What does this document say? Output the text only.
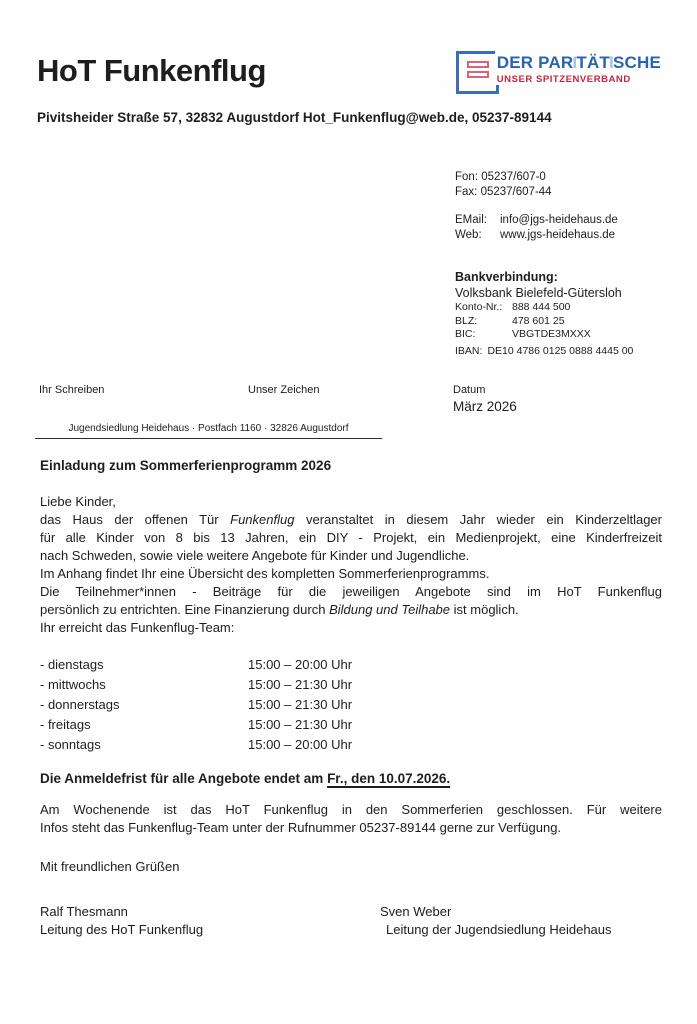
HoT Funkenflug	DER PARITÄTISCHE
UNSER SPITZENVERBAND
Pivitsheider Straße 57, 32832 Augustdorf Hot_Funkenflug@web.de, 05237-89144
Fon:
05237/607-0
Fax:
05237/607-44
EMail:	info@jgs-heidehaus.de
Web:	www.jgs-heidehaus.de
Bankverbindung:
Volksbank Bielefeld-Gütersloh
Konto-Nr.: 888 444 500
BLZ:	478 601 25
BIC:	VBGTDE3MXXX
IBAN: DE10 4786 0125 0888 4445 00
Ihr Schreiben	Unser Zeichen	Datum
März 2026
Jugendsiedlung Heidehaus · Postfach 1160 · 32826 Augustdorf
Einladung zum Sommerferienprogramm 2026
Liebe Kinder,
das Haus der offenen Tür Funkenflug veranstaltet in diesem Jahr wieder ein Kinderzeltlager
für alle Kinder von 8 bis 13 Jahren, ein DIY - Projekt, ein Medienprojekt, eine Kinderfreizeit
nach Schweden, sowie viele weitere Angebote für Kinder und Jugendliche.
Im Anhang findet Ihr eine Übersicht des kompletten Sommerferienprogramms.
Die Teilnehmer*innen - Beiträge für die jeweiligen Angebote sind im HoT Funkenflug
persönlich zu entrichten. Eine Finanzierung durch Bildung und Teilhabe ist möglich.
Ihr erreicht das Funkenflug-Team:
- dienstags	15:00 – 20:00 Uhr
- mittwochs	15:00 – 21:30 Uhr
- donnerstags	15:00 – 21:30 Uhr
- freitags	15:00 – 21:30 Uhr
- sonntags	15:00 – 20:00 Uhr
Die Anmeldefrist für alle Angebote endet am Fr., den 10.07.2026.
Am Wochenende ist das HoT Funkenflug in den Sommerferien geschlossen. Für weitere
Infos steht das Funkenflug-Team unter der Rufnummer 05237-89144 gerne zur Verfügung.
Mit freundlichen Grüßen
Ralf Thesmann
Leitung des HoT Funkenflug
Sven Weber
Leitung der Jugendsiedlung Heidehaus
